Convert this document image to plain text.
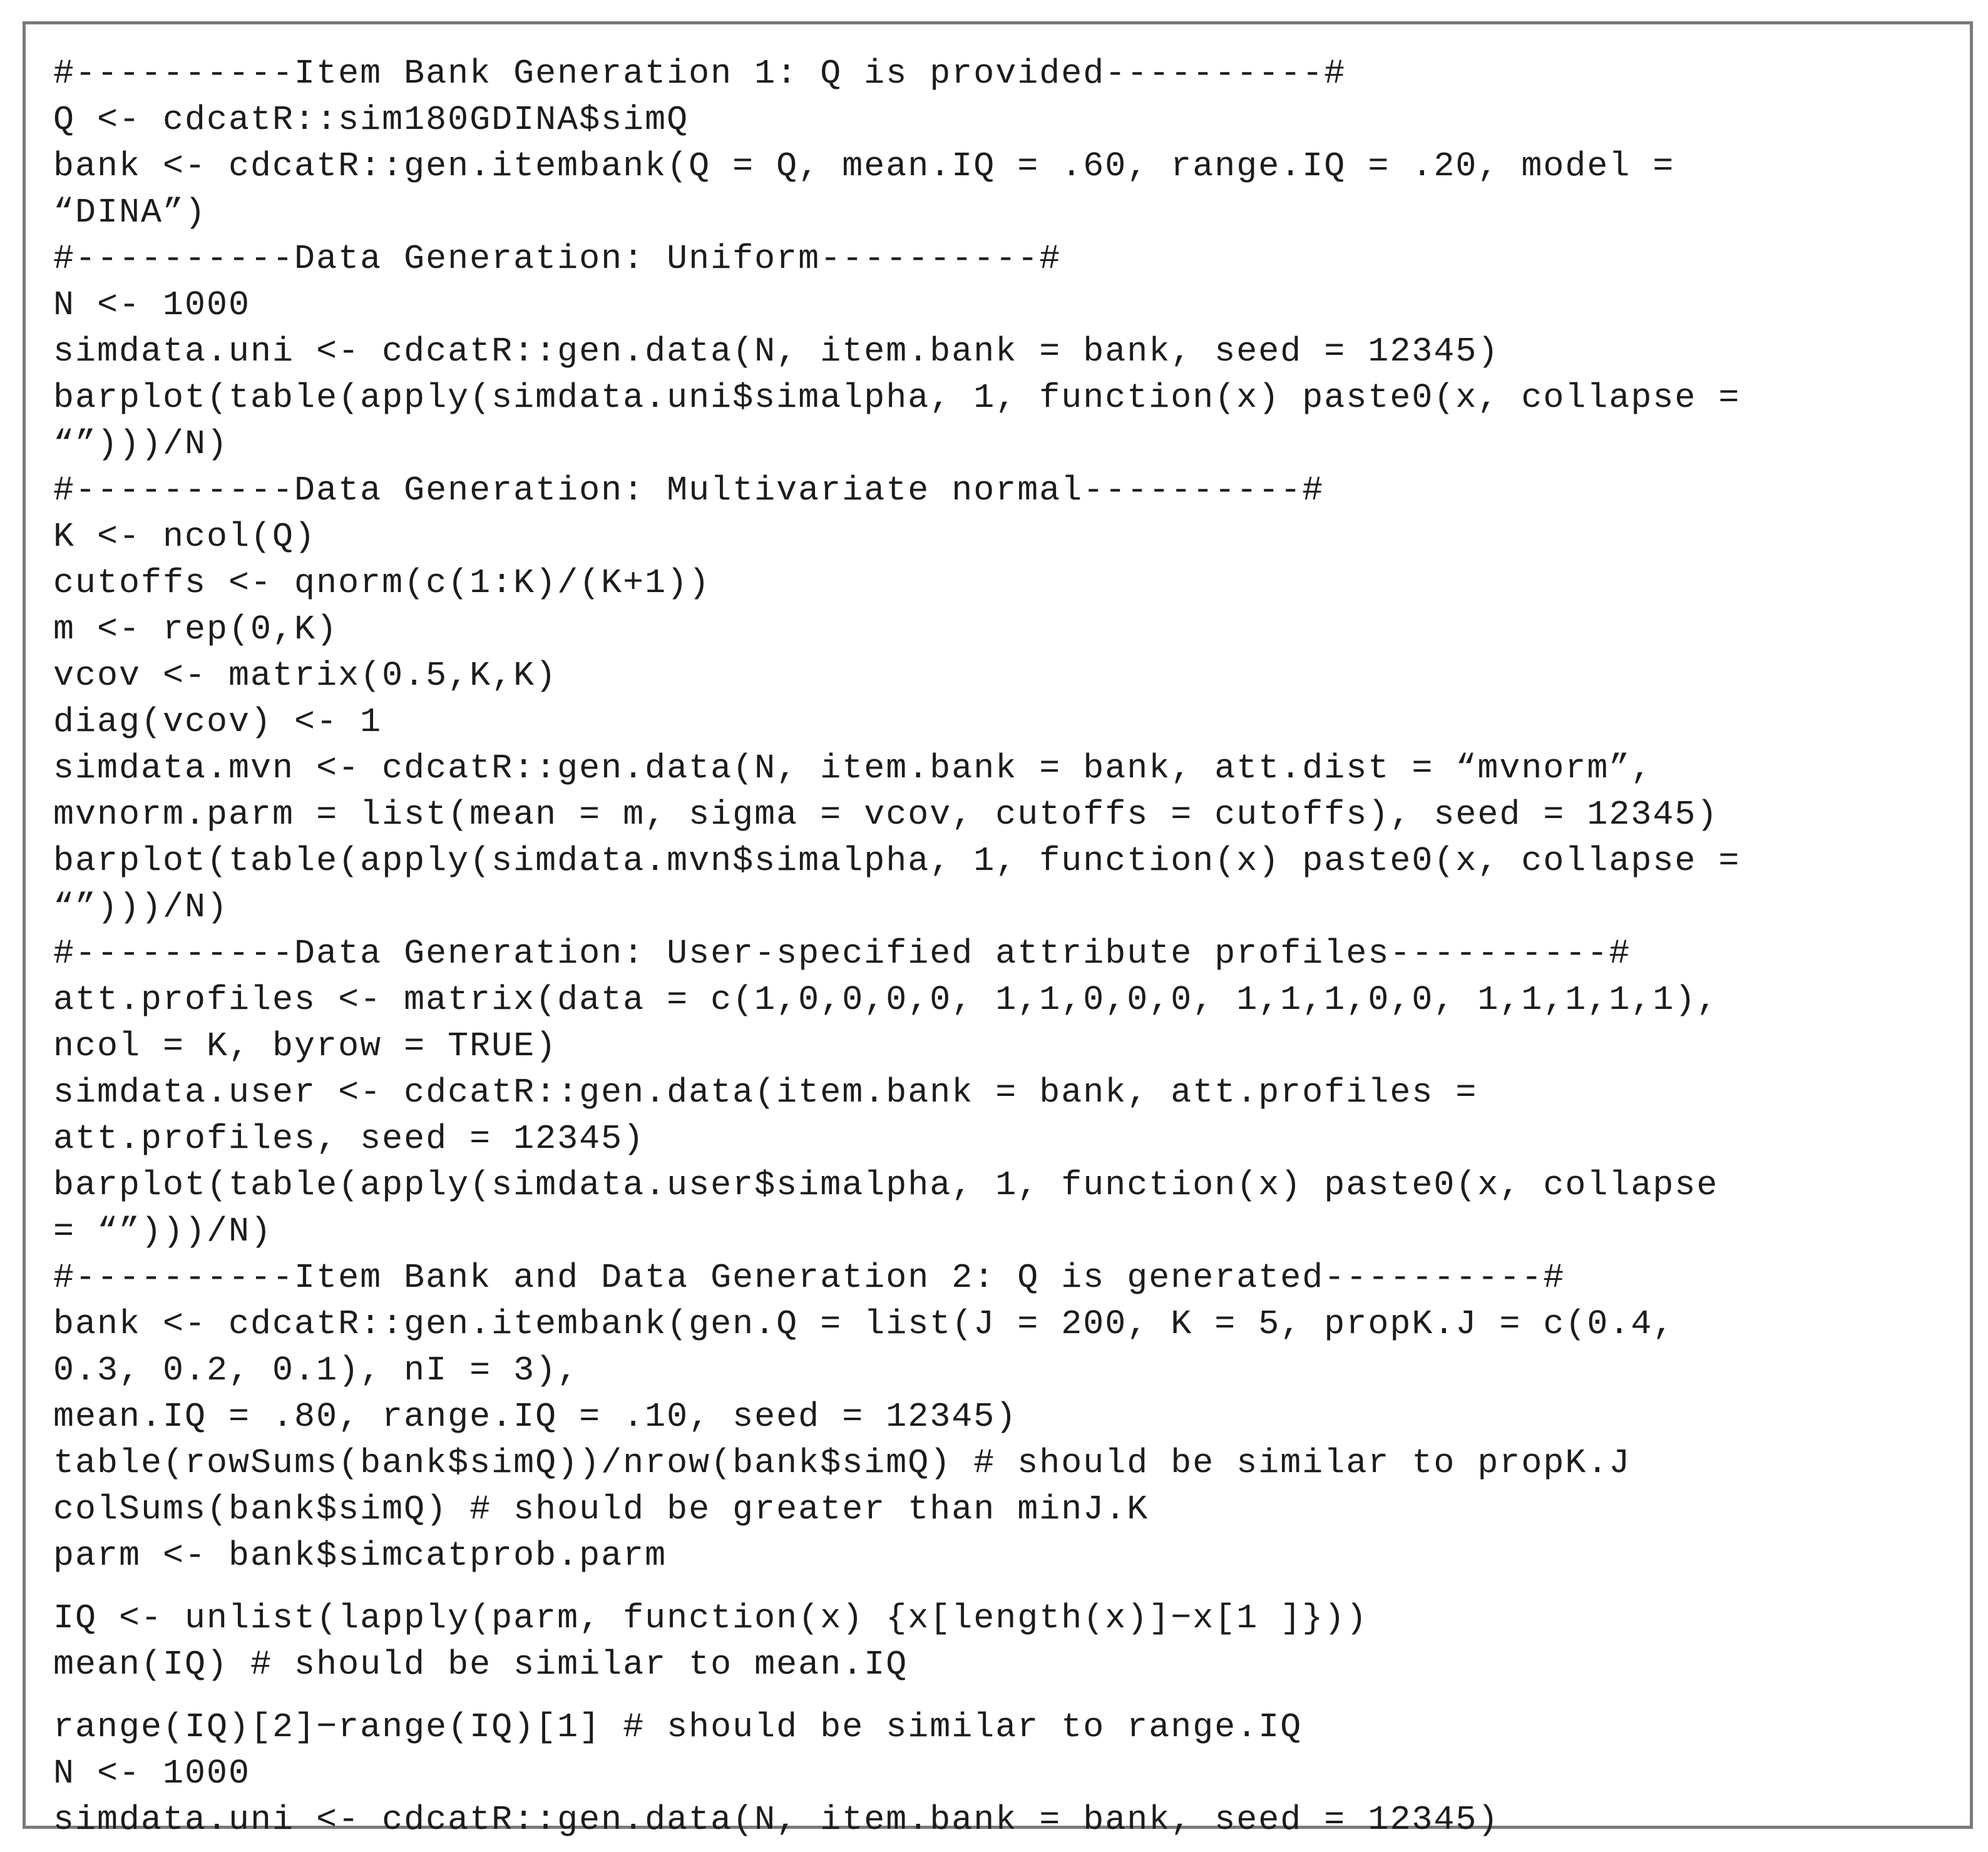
#----------Item Bank Generation 1: Q is provided----------#
Q <- cdcatR::sim180GDINA$simQ
bank <- cdcatR::gen.itembank(Q = Q, mean.IQ = .60, range.IQ = .20, model =
“DINA”)
#----------Data Generation: Uniform----------#
N <- 1000
simdata.uni <- cdcatR::gen.data(N, item.bank = bank, seed = 12345)
barplot(table(apply(simdata.uni$simalpha, 1, function(x) paste0(x, collapse =
“”)))/N)
#----------Data Generation: Multivariate normal----------#
K <- ncol(Q)
cutoffs <- qnorm(c(1:K)/(K+1))
m <- rep(0,K)
vcov <- matrix(0.5,K,K)
diag(vcov) <- 1
simdata.mvn <- cdcatR::gen.data(N, item.bank = bank, att.dist = “mvnorm”,
mvnorm.parm = list(mean = m, sigma = vcov, cutoffs = cutoffs), seed = 12345)
barplot(table(apply(simdata.mvn$simalpha, 1, function(x) paste0(x, collapse =
“”)))/N)
#----------Data Generation: User-specified attribute profiles----------#
att.profiles <- matrix(data = c(1,0,0,0,0, 1,1,0,0,0, 1,1,1,0,0, 1,1,1,1,1),
ncol = K, byrow = TRUE)
simdata.user <- cdcatR::gen.data(item.bank = bank, att.profiles =
att.profiles, seed = 12345)
barplot(table(apply(simdata.user$simalpha, 1, function(x) paste0(x, collapse
= “”)))/N)
#----------Item Bank and Data Generation 2: Q is generated----------#
bank <- cdcatR::gen.itembank(gen.Q = list(J = 200, K = 5, propK.J = c(0.4,
0.3, 0.2, 0.1), nI = 3),
mean.IQ = .80, range.IQ = .10, seed = 12345)
table(rowSums(bank$simQ))/nrow(bank$simQ) # should be similar to propK.J
colSums(bank$simQ) # should be greater than minJ.K
parm <- bank$simcatprob.parm
IQ <- unlist(lapply(parm, function(x) {x[length(x)]−x[1 ]}))
mean(IQ) # should be similar to mean.IQ
range(IQ)[2]−range(IQ)[1] # should be similar to range.IQ
N <- 1000
simdata.uni <- cdcatR::gen.data(N, item.bank = bank, seed = 12345)
